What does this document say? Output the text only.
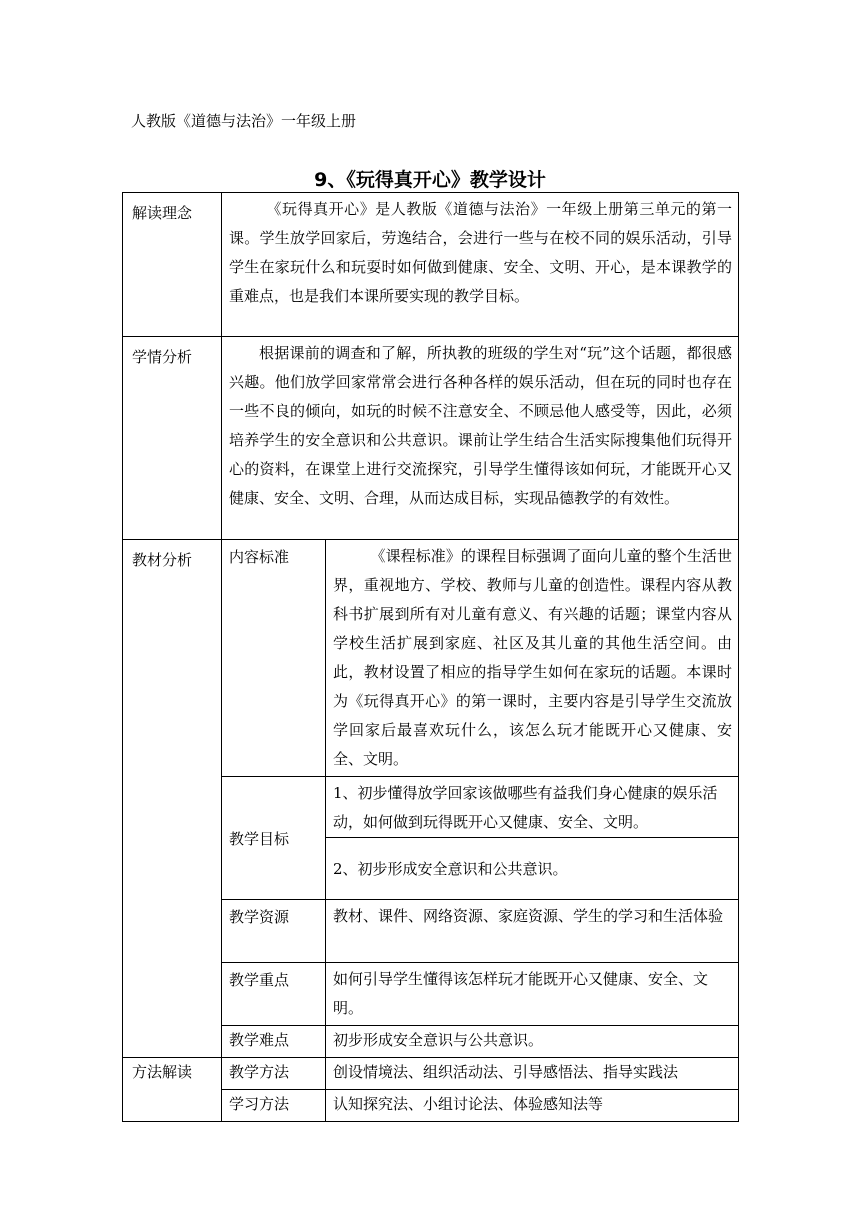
人教版《道德与法治》一年级上册
9、《玩得真开心》教学设计
解读理念	《玩得真开心》是人教版《道德与法治》一年级上册第三单元的第一课。学生放学回家后，劳逸结合，会进行一些与在校不同的娱乐活动，引导学生在家玩什么和玩耍时如何做到健康、安全、文明、开心，是本课教学的重难点，也是我们本课所要实现的教学目标。	

学情分析	根据课前的调查和了解，所执教的班级的学生对“玩”这个话题，都很感兴趣。他们放学回家常常会进行各种各样的娱乐活动，但在玩的同时也存在一些不良的倾向，如玩的时候不注意安全、不顾忌他人感受等，因此，必须培养学生的安全意识和公共意识。课前让学生结合生活实际搜集他们玩得开心的资料，在课堂上进行交流探究，引导学生懂得该如何玩，才能既开心又健康、安全、文明、合理，从而达成目标，实现品德教学的有效性。	

教材分析	内容标准	《课程标准》的课程目标强调了面向儿童的整个生活世界，重视地方、学校、教师与儿童的创造性。课程内容从教科书扩展到所有对儿童有意义、有兴趣的话题；课堂内容从学校生活扩展到家庭、社区及其儿童的其他生活空间。由此，教材设置了相应的指导学生如何在家玩的话题。本课时为《玩得真开心》的第一课时，主要内容是引导学生交流放学回家后最喜欢玩什么，该怎么玩才能既开心又健康、安全、文明。

	教学目标	1、初步懂得放学回家该做哪些有益我们身心健康的娱乐活动，如何做到玩得既开心又健康、安全、文明。
2、初步形成安全意识和公共意识。

	教学资源	教材、课件、网络资源、家庭资源、学生的学习和生活体验

	教学重点	如何引导学生懂得该怎样玩才能既开心又健康、安全、文明。

	教学难点	初步形成安全意识与公共意识。

方法解读	教学方法	创设情境法、组织活动法、引导感悟法、指导实践法

	学习方法	认知探究法、小组讨论法、体验感知法等
